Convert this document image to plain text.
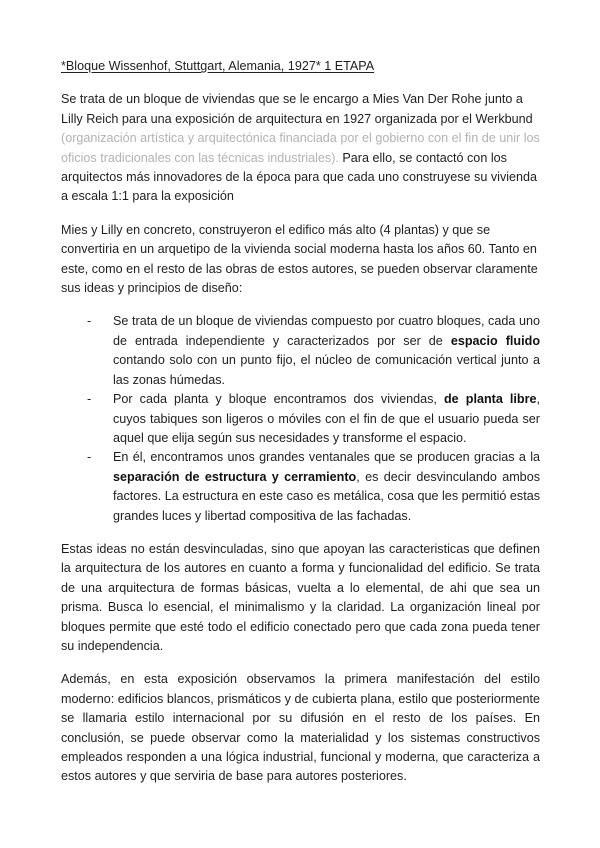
*Bloque Wissenhof, Stuttgart, Alemania, 1927* 1 ETAPA

Se trata de un bloque de viviendas que se le encargo a Mies Van Der Rohe junto a Lilly Reich para una exposición de arquitectura en 1927 organizada por el Werkbund (organización artística y arquitectónica financiada por el gobierno con el fin de unir los oficios tradicionales con las técnicas industriales). Para ello, se contactó con los arquitectos más innovadores de la época para que cada uno construyese su vivienda a escala 1:1 para la exposición

Mies y Lilly en concreto, construyeron el edifico más alto (4 plantas) y que se convertiria en un arquetipo de la vivienda social moderna hasta los años 60. Tanto en este, como en el resto de las obras de estos autores, se pueden observar claramente sus ideas y principios de diseño:

- Se trata de un bloque de viviendas compuesto por cuatro bloques, cada uno de entrada independiente y caracterizados por ser de espacio fluido contando solo con un punto fijo, el núcleo de comunicación vertical junto a las zonas húmedas.
- Por cada planta y bloque encontramos dos viviendas, de planta libre, cuyos tabiques son ligeros o móviles con el fin de que el usuario pueda ser aquel que elija según sus necesidades y transforme el espacio.
- En él, encontramos unos grandes ventanales que se producen gracias a la separación de estructura y cerramiento, es decir desvinculando ambos factores. La estructura en este caso es metálica, cosa que les permitió estas grandes luces y libertad compositiva de las fachadas.

Estas ideas no están desvinculadas, sino que apoyan las caracteristicas que definen la arquitectura de los autores en cuanto a forma y funcionalidad del edificio. Se trata de una arquitectura de formas básicas, vuelta a lo elemental, de ahi que sea un prisma. Busca lo esencial, el minimalismo y la claridad. La organización lineal por bloques permite que esté todo el edificio conectado pero que cada zona pueda tener su independencia.

Además, en esta exposición observamos la primera manifestación del estilo moderno: edificios blancos, prismáticos y de cubierta plana, estilo que posteriormente se llamaria estilo internacional por su difusión en el resto de los países. En conclusión, se puede observar como la materialidad y los sistemas constructivos empleados responden a una lógica industrial, funcional y moderna, que caracteriza a estos autores y que serviria de base para autores posteriores.
